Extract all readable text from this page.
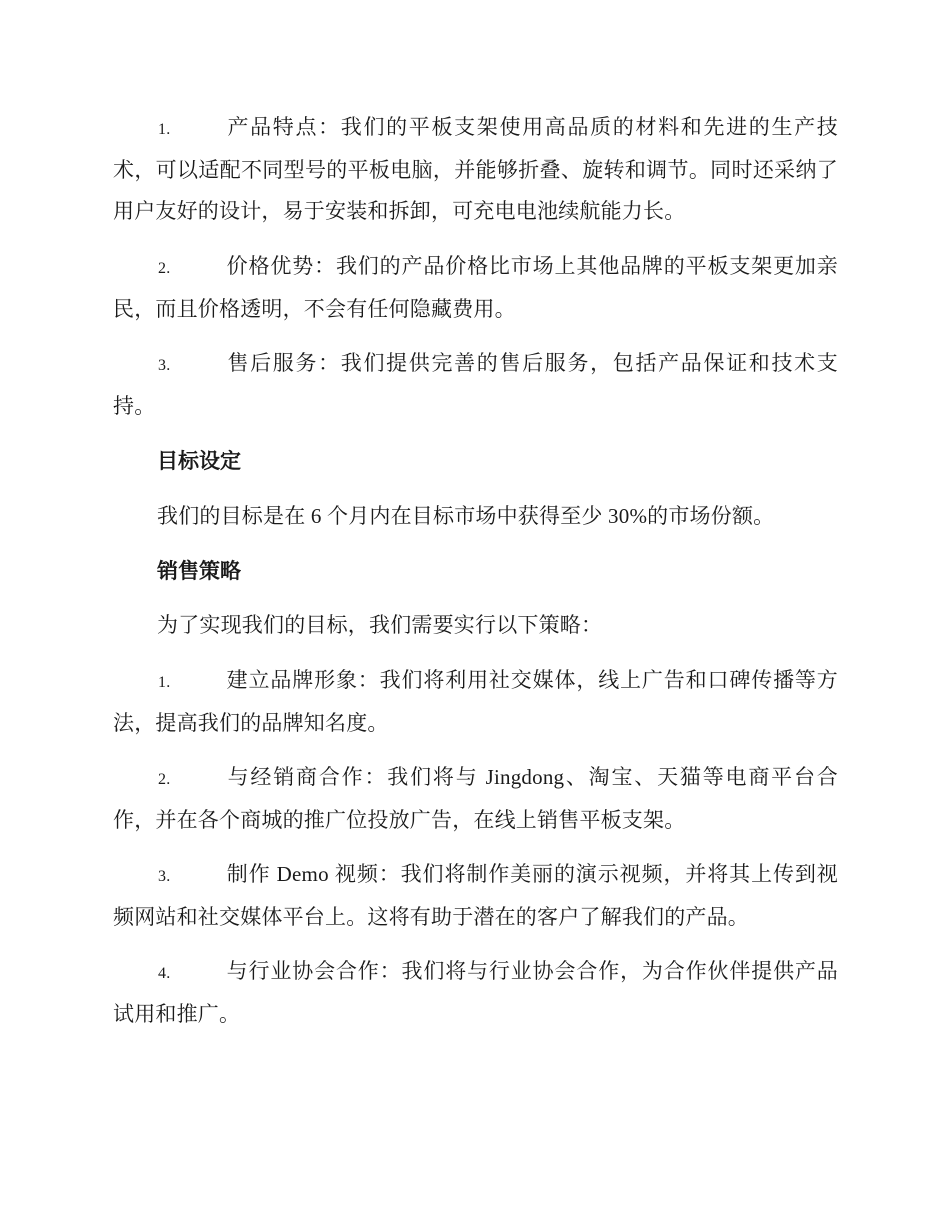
1.	产品特点：我们的平板支架使用高品质的材料和先进的生产技术，可以适配不同型号的平板电脑，并能够折叠、旋转和调节。同时还采纳了用户友好的设计，易于安装和拆卸，可充电电池续航能力长。

2.	价格优势：我们的产品价格比市场上其他品牌的平板支架更加亲民，而且价格透明，不会有任何隐藏费用。

3.	售后服务：我们提供完善的售后服务，包括产品保证和技术支持。

目标设定

我们的目标是在 6 个月内在目标市场中获得至少 30%的市场份额。

销售策略

为了实现我们的目标，我们需要实行以下策略：

1.	建立品牌形象：我们将利用社交媒体，线上广告和口碑传播等方法，提高我们的品牌知名度。

2.	与经销商合作：我们将与 Jingdong、淘宝、天猫等电商平台合作，并在各个商城的推广位投放广告，在线上销售平板支架。

3.	制作 Demo 视频：我们将制作美丽的演示视频，并将其上传到视频网站和社交媒体平台上。这将有助于潜在的客户了解我们的产品。

4.	与行业协会合作：我们将与行业协会合作，为合作伙伴提供产品试用和推广。
